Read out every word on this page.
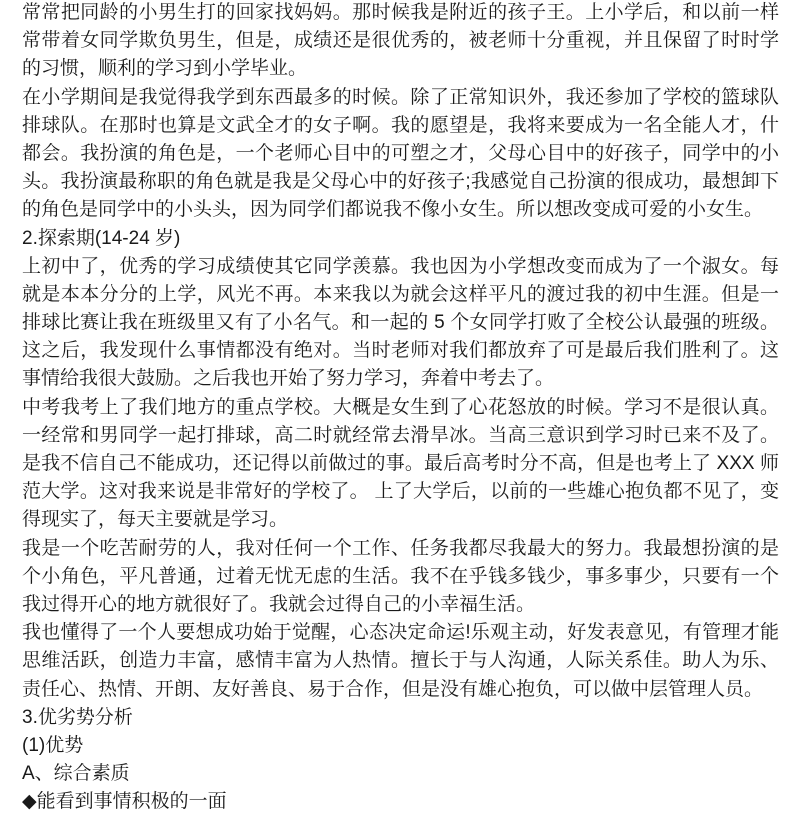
常常把同龄的小男生打的回家找妈妈。那时候我是附近的孩子王。上小学后，和以前一样
常带着女同学欺负男生，但是，成绩还是很优秀的，被老师十分重视，并且保留了时时学
的习惯，顺利的学习到小学毕业。
在小学期间是我觉得我学到东西最多的时候。除了正常知识外，我还参加了学校的篮球队
排球队。在那时也算是文武全才的女子啊。我的愿望是，我将来要成为一名全能人才，什
都会。我扮演的角色是，一个老师心目中的可塑之才，父母心目中的好孩子，同学中的小
头。我扮演最称职的角色就是我是父母心中的好孩子;我感觉自己扮演的很成功，最想卸下
的角色是同学中的小头头，因为同学们都说我不像小女生。所以想改变成可爱的小女生。
2.探索期(14-24 岁)
上初中了，优秀的学习成绩使其它同学羡慕。我也因为小学想改变而成为了一个淑女。每
就是本本分分的上学，风光不再。本来我以为就会这样平凡的渡过我的初中生涯。但是一
排球比赛让我在班级里又有了小名气。和一起的 5 个女同学打败了全校公认最强的班级。
这之后，我发现什么事情都没有绝对。当时老师对我们都放弃了可是最后我们胜利了。这
事情给我很大鼓励。之后我也开始了努力学习，奔着中考去了。
中考我考上了我们地方的重点学校。大概是女生到了心花怒放的时候。学习不是很认真。
一经常和男同学一起打排球，高二时就经常去滑旱冰。当高三意识到学习时已来不及了。
是我不信自己不能成功，还记得以前做过的事。最后高考时分不高，但是也考上了 XXX 师
范大学。这对我来说是非常好的学校了。 上了大学后，以前的一些雄心抱负都不见了，变
得现实了，每天主要就是学习。
我是一个吃苦耐劳的人，我对任何一个工作、任务我都尽我最大的努力。我最想扮演的是
个小角色，平凡普通，过着无忧无虑的生活。我不在乎钱多钱少，事多事少，只要有一个
我过得开心的地方就很好了。我就会过得自己的小幸福生活。
我也懂得了一个人要想成功始于觉醒，心态决定命运!乐观主动，好发表意见，有管理才能
思维活跃，创造力丰富，感情丰富为人热情。擅长于与人沟通，人际关系佳。助人为乐、
责任心、热情、开朗、友好善良、易于合作，但是没有雄心抱负，可以做中层管理人员。
3.优劣势分析
(1)优势
A、综合素质
◆能看到事情积极的一面
